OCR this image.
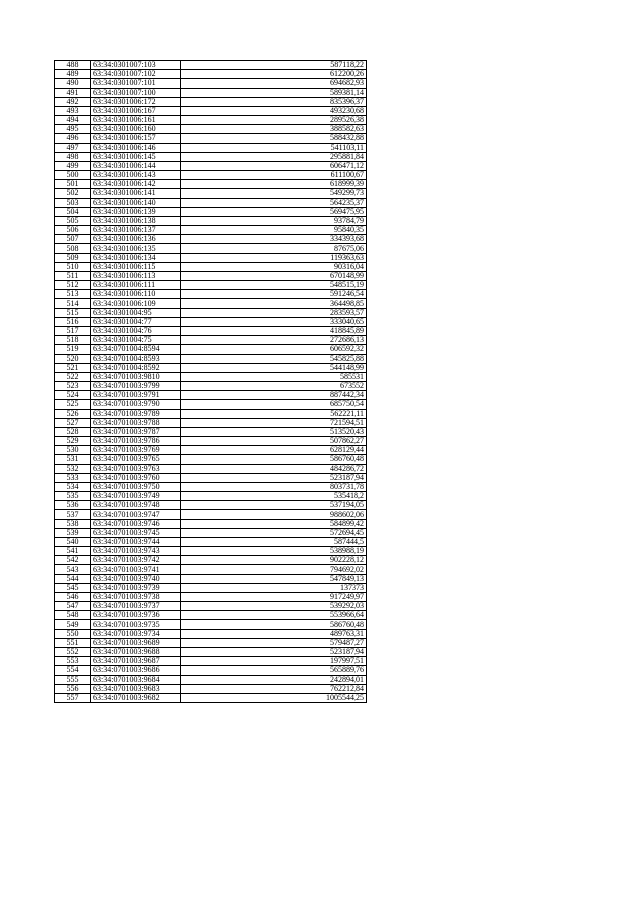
488	63:34:0301007:103	587118,22
489	63:34:0301007:102	612200,26
490	63:34:0301007:101	694682,93
491	63:34:0301007:100	589381,14
492	63:34:0301006:172	835396,37
493	63:34:0301006:167	493230,68
494	63:34:0301006:161	289526,38
495	63:34:0301006:160	388582,63
496	63:34:0301006:157	588432,88
497	63:34:0301006:146	541103,11
498	63:34:0301006:145	295881,84
499	63:34:0301006:144	606471,12
500	63:34:0301006:143	611100,67
501	63:34:0301006:142	618999,39
502	63:34:0301006:141	549299,73
503	63:34:0301006:140	564235,37
504	63:34:0301006:139	569475,95
505	63:34:0301006:138	93784,79
506	63:34:0301006:137	95840,35
507	63:34:0301006:136	334393,68
508	63:34:0301006:135	87675,06
509	63:34:0301006:134	119363,63
510	63:34:0301006:115	90316,04
511	63:34:0301006:113	670148,99
512	63:34:0301006:111	548515,19
513	63:34:0301006:110	591246,54
514	63:34:0301006:109	364498,85
515	63:34:0301004:95	283593,57
516	63:34:0301004:77	333040,65
517	63:34:0301004:76	418845,89
518	63:34:0301004:75	272686,13
519	63:34:0701004:8594	606592,32
520	63:34:0701004:8593	545825,88
521	63:34:0701004:8592	544148,99
522	63:34:0701003:9810	585531
523	63:34:0701003:9799	673552
524	63:34:0701003:9791	887442,34
525	63:34:0701003:9790	685750,54
526	63:34:0701003:9789	562221,11
527	63:34:0701003:9788	721594,51
528	63:34:0701003:9787	513520,43
529	63:34:0701003:9786	507862,27
530	63:34:0701003:9769	628129,44
531	63:34:0701003:9765	586760,48
532	63:34:0701003:9763	484286,72
533	63:34:0701003:9760	523187,94
534	63:34:0701003:9750	803731,78
535	63:34:0701003:9749	535418,2
536	63:34:0701003:9748	537194,05
537	63:34:0701003:9747	988602,06
538	63:34:0701003:9746	584899,42
539	63:34:0701003:9745	572694,45
540	63:34:0701003:9744	587444,5
541	63:34:0701003:9743	538988,19
542	63:34:0701003:9742	902228,12
543	63:34:0701003:9741	794692,02
544	63:34:0701003:9740	547849,13
545	63:34:0701003:9739	137373
546	63:34:0701003:9738	917249,97
547	63:34:0701003:9737	539292,03
548	63:34:0701003:9736	553966,64
549	63:34:0701003:9735	586760,48
550	63:34:0701003:9734	489763,31
551	63:34:0701003:9689	579487,27
552	63:34:0701003:9688	523187,94
553	63:34:0701003:9687	197997,51
554	63:34:0701003:9686	565889,76
555	63:34:0701003:9684	242894,01
556	63:34:0701003:9683	762212,84
557	63:34:0701003:9682	1005544,25
